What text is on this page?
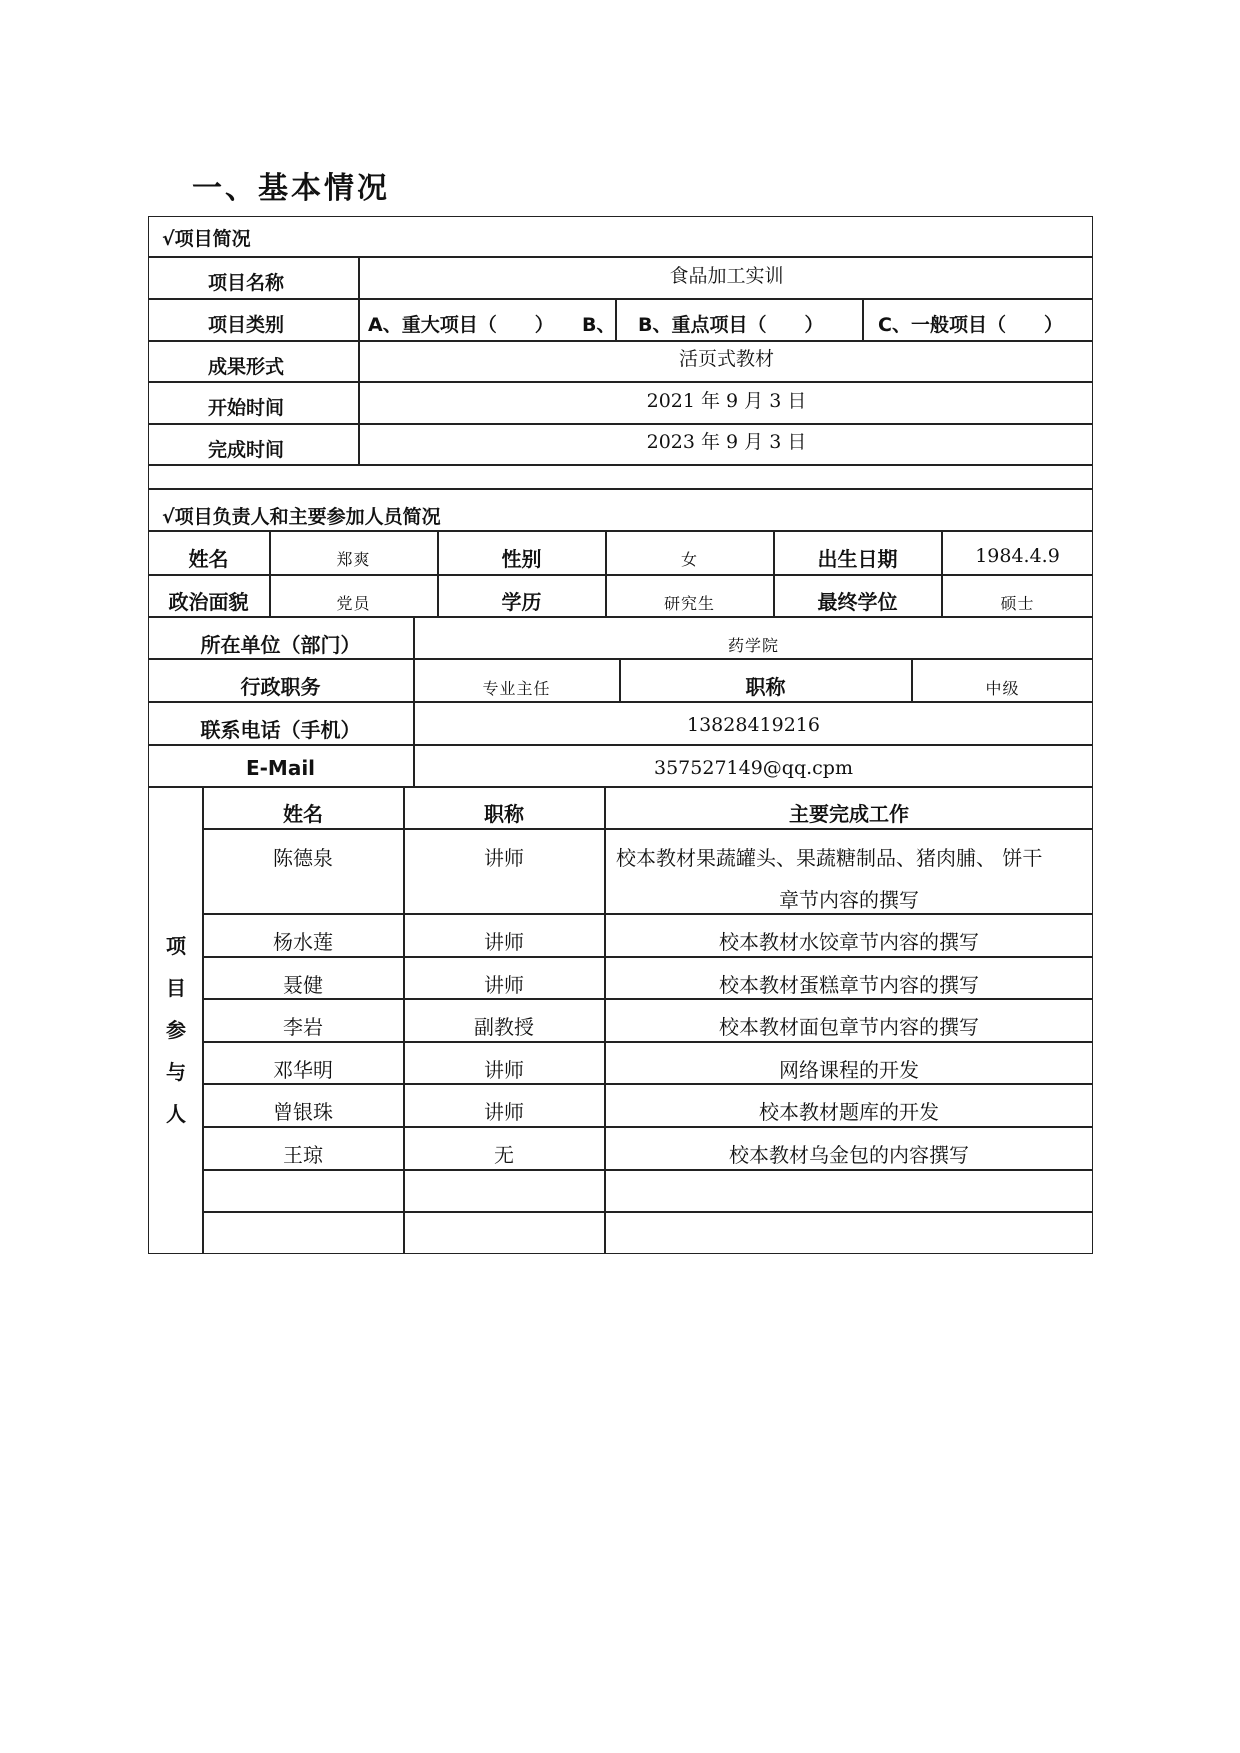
一、基本情况
√项目简况
项目名称	食品加工实训
项目类别	A、重大项目（　　） B、 B、重点项目（　　）	C、一般项目（　　）
成果形式	活页式教材
开始时间	2021 年 9 月 3 日
完成时间	2023 年 9 月 3 日
√项目负责人和主要参加人员简况
姓名	郑爽	性别	女	出生日期	1984.4.9
政治面貌	党员	学历	研究生	最终学位	硕士
所在单位（部门）	药学院
行政职务	专业主任	职称	中级
联系电话（手机）	13828419216
E-Mail	357527149@qq.cpm
项
目
参
与
人
姓名	职称	主要完成工作
陈德泉	讲师	校本教材果蔬罐头、果蔬糖制品、猪肉脯、 饼干
章节内容的撰写
杨水莲	讲师	校本教材水饺章节内容的撰写
聂健	讲师	校本教材蛋糕章节内容的撰写
李岩	副教授	校本教材面包章节内容的撰写
邓华明	讲师	网络课程的开发
曾银珠	讲师	校本教材题库的开发
王琼	无	校本教材乌金包的内容撰写
